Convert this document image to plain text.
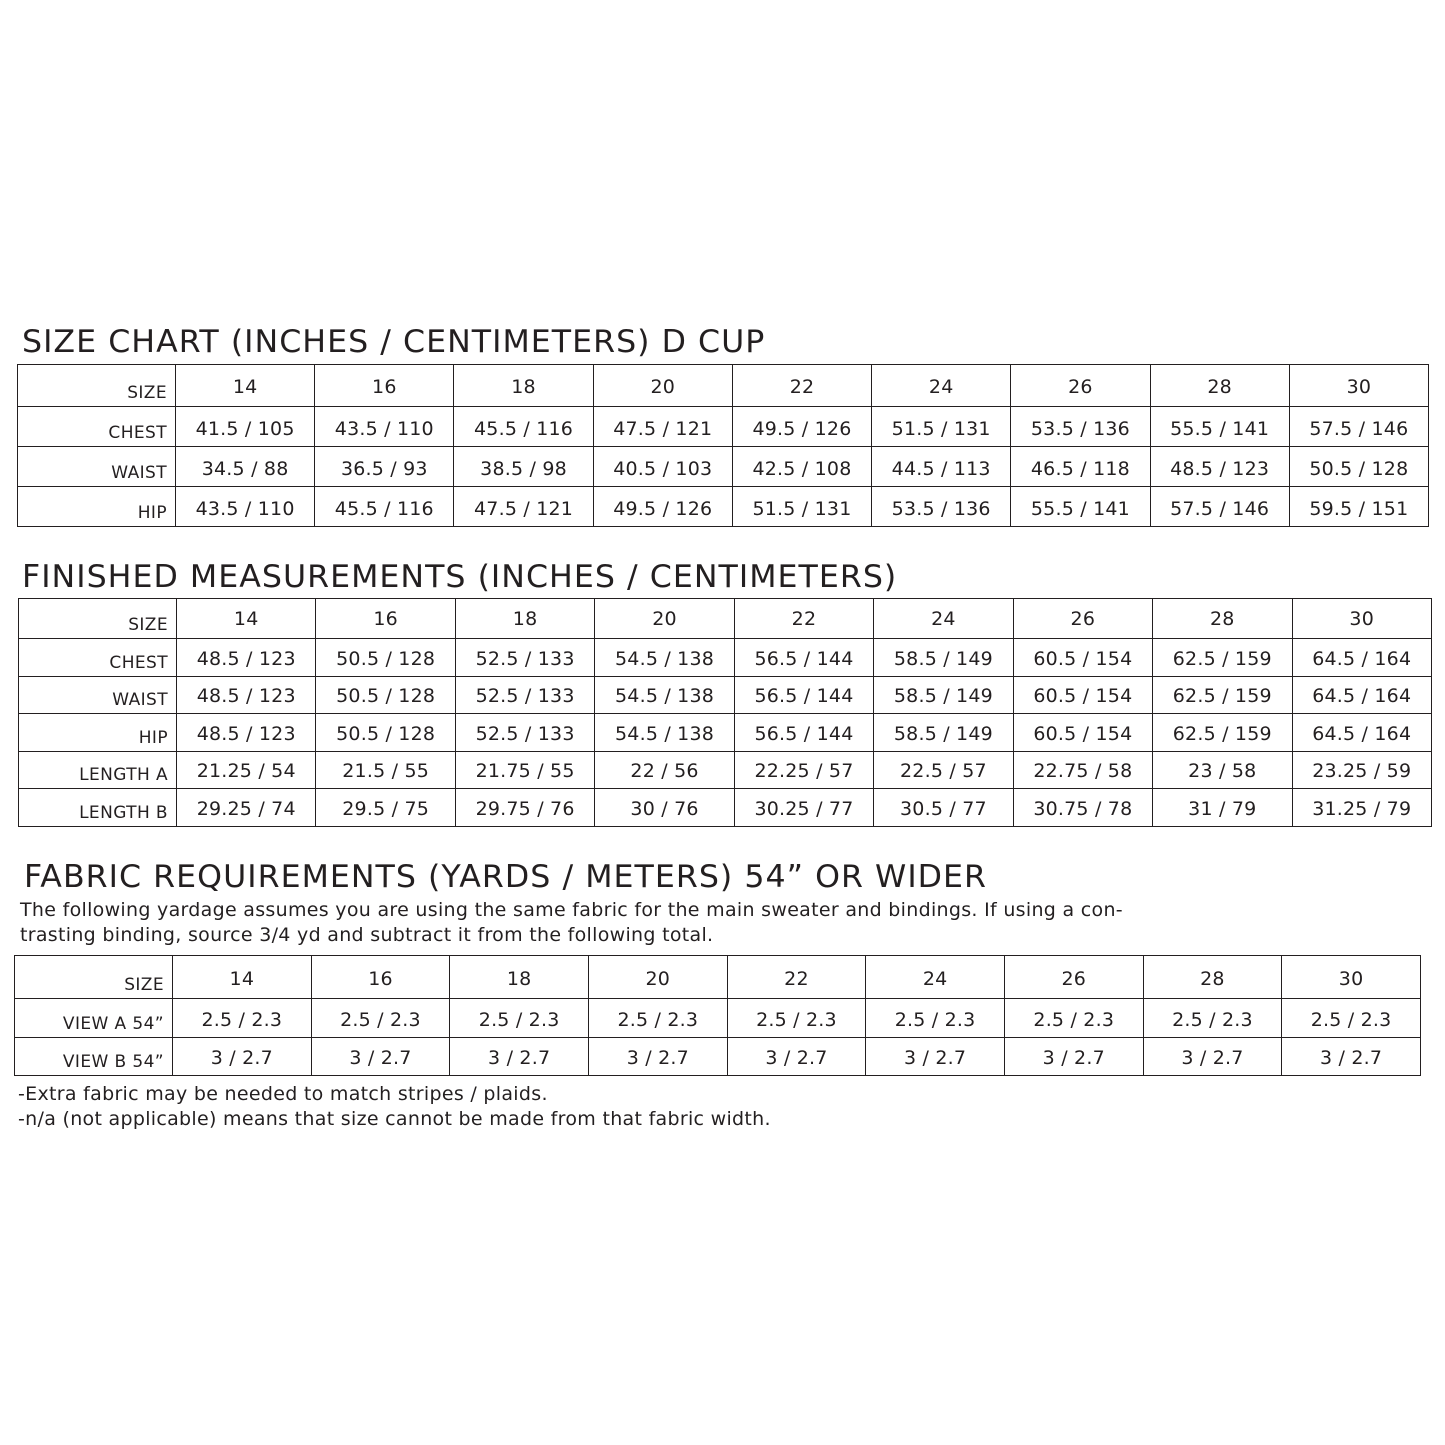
SIZE CHART (INCHES / CENTIMETERS) D CUP
SIZE	14	16	18	20	22	24	26	28	30
CHEST	41.5 / 105	43.5 / 110	45.5 / 116	47.5 / 121	49.5 / 126	51.5 / 131	53.5 / 136	55.5 / 141	57.5 / 146
WAIST	34.5 / 88	36.5 / 93	38.5 / 98	40.5 / 103	42.5 / 108	44.5 / 113	46.5 / 118	48.5 / 123	50.5 / 128
HIP	43.5 / 110	45.5 / 116	47.5 / 121	49.5 / 126	51.5 / 131	53.5 / 136	55.5 / 141	57.5 / 146	59.5 / 151
FINISHED MEASUREMENTS (INCHES / CENTIMETERS)
SIZE	14	16	18	20	22	24	26	28	30
CHEST	48.5 / 123	50.5 / 128	52.5 / 133	54.5 / 138	56.5 / 144	58.5 / 149	60.5 / 154	62.5 / 159	64.5 / 164
WAIST	48.5 / 123	50.5 / 128	52.5 / 133	54.5 / 138	56.5 / 144	58.5 / 149	60.5 / 154	62.5 / 159	64.5 / 164
HIP	48.5 / 123	50.5 / 128	52.5 / 133	54.5 / 138	56.5 / 144	58.5 / 149	60.5 / 154	62.5 / 159	64.5 / 164
LENGTH A	21.25 / 54	21.5 / 55	21.75 / 55	22 / 56	22.25 / 57	22.5 / 57	22.75 / 58	23 / 58	23.25 / 59
LENGTH B	29.25 / 74	29.5 / 75	29.75 / 76	30 / 76	30.25 / 77	30.5 / 77	30.75 / 78	31 / 79	31.25 / 79
FABRIC REQUIREMENTS (YARDS / METERS) 54” OR WIDER
The following yardage assumes you are using the same fabric for the main sweater and bindings. If using a con-
trasting binding, source 3/4 yd and subtract it from the following total.
SIZE	14	16	18	20	22	24	26	28	30
VIEW A 54”	2.5 / 2.3	2.5 / 2.3	2.5 / 2.3	2.5 / 2.3	2.5 / 2.3	2.5 / 2.3	2.5 / 2.3	2.5 / 2.3	2.5 / 2.3
VIEW B 54”	3 / 2.7	3 / 2.7	3 / 2.7	3 / 2.7	3 / 2.7	3 / 2.7	3 / 2.7	3 / 2.7	3 / 2.7
-Extra fabric may be needed to match stripes / plaids.
-n/a (not applicable) means that size cannot be made from that fabric width.
